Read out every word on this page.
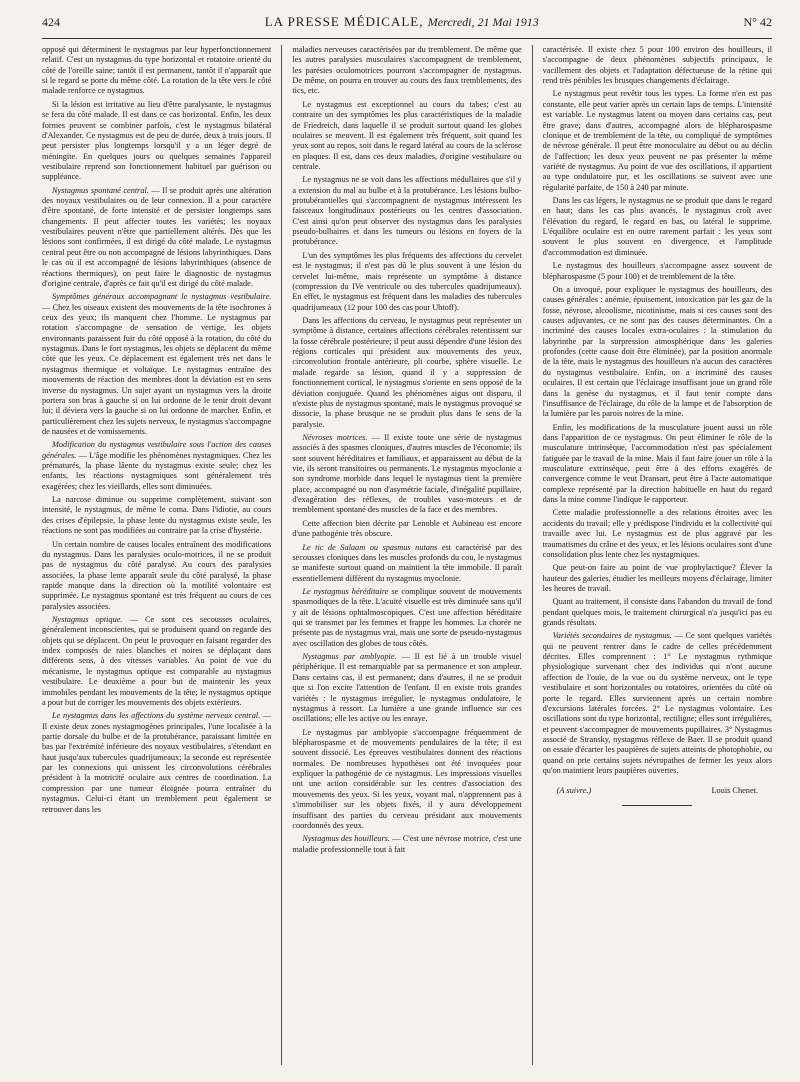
424	LA PRESSE MÉDICALE, Mercredi, 21 Mai 1913	N° 42

opposé qui déterminent le nystagmus par leur hyperfonctionnement relatif. C'est un nystagmus du type horizontal et rotatoire orienté du côté de l'oreille saine; tantôt il est permanent, tantôt il n'apparaît que si le regard se porte du même côté. La rotation de la tête vers le côté malade renforce ce nystagmus.

Si la lésion est irritative au lieu d'être paralysante, le nystagmus se fera du côté malade. Il est dans ce cas horizontal. Enfin, les deux formes peuvent se combiner parfois, c'est le nystagmus bilatéral d'Alexander. Ce nystagmus est de peu de durée, deux à trois jours. Il peut persister plus longtemps lorsqu'il y a un léger degré de méningite. En quelques jours ou quelques semaines l'appareil vestibulaire reprend son fonctionnement habituel par guérison ou suppléance.

Nystagmus spontané central. — Il se produit après une altération des noyaux vestibulaires ou de leur connexion. Il a pour caractère d'être spontané, de forte intensité et de persister longtemps sans changements. Il peut affecter toutes les variétés; les noyaux vestibulaires peuvent n'être que partiellement altérés. Dès que les lésions sont confirmées, il est dirigé du côté malade. Le nystagmus central peut être ou non accompagné de lésions labyrinthiques. Dans le cas où il est accompagné de lésions labyrinthiques (absence de réactions thermiques), on peut faire le diagnostic de nystagmus d'origine centrale, d'après ce fait qu'il est dirigé du côté malade.

Symptômes généraux accompagnant le nystagmus vestibulaire. — Chez les oiseaux existent des mouvements de la tête isochrones à ceux des yeux; ils manquent chez l'homme. Le nystagmus par rotation s'accompagne de sensation de vertige, les objets environnants paraissent fuir du côté opposé à la rotation, du côté du nystagmus. Dans le fort nystagmus, les objets se déplacent du même côté que les yeux. Ce déplacement est également très net dans le nystagmus thermique et voltaïque. Le nystagmus entraîne des mouvements de réaction des membres dont la déviation est en sens inverse du nystagmus. Un sujet ayant un nystagmus vers la droite portera son bras à gauche si on lui ordonne de le tenir droit devant lui; il déviera vers la gauche si on lui ordonne de marcher. Enfin, et particulièrement chez les sujets nerveux, le nystagmus s'accompagne de nausées et de vomissements.

Modification du nystagmus vestibulaire sous l'action des causes générales. — L'âge modifie les phénomènes nystagmiques. Chez les prématurés, la phase lâente du nystagmus existe seule; chez les enfants, les réactions nystagmiques sont généralement très exagérées; chez les vieillards, elles sont diminuées.

La narcose diminue ou supprime complètement, suivant son intensité, le nystagmus, de même le coma. Dans l'idiotie, au cours des crises d'épilepsie, la phase lente du nystagmus existe seule, les réactions ne sont pas modifiées au contraire par la crise d'hystérie.

Un certain nombre de causes locales entraînent des modifications du nystagmus. Dans les paralysies oculo-motrices, il ne se produit pas de nystagmus du côté paralysé. Au cours des paralysies associées, la phase lente apparaît seule du côté paralysé, la phase rapide manque dans la direction où la motilité volontaire est supprimée. Le nystagmus spontané est très fréquent au cours de ces paralysies associées.

Nystagmus optique. — Ce sont ces secousses oculaires, généralement inconscientes, qui se produisent quand on regarde des objets qui se déplacent. On peut le provoquer en faisant regarder des index composés de raies blanches et noires se déplaçant dans différents sens, à des vitesses variables. Au point de vue du mécanisme, le nystagmus optique est comparable au nystagmus vestibulaire. Le deuxième a pour but de maintenir les yeux immobiles pendant les mouvements de la tête; le nystagmus optique a pour but de corriger les mouvements des objets extérieurs.

Le nystagmus dans les affections du système nerveux central. — Il existe deux zones nystagmogènes principales, l'une localisée à la partie dorsale du bulbe et de la protubérance, paraissant limitée en bas par l'extrémité inférieure des noyaux vestibulaires, s'étendant en haut jusqu'aux tubercules quadrijumeaux; la seconde est représentée par les connexions qui unissent les circonvolutions cérébrales président à la motricité oculaire aux centres de coordination. La compression par une tumeur éloignée pourra entraîner du nystagmus. Celui-ci étant un tremblement peut également se retrouver dans les

maladies nerveuses caractérisées par du tremblement. De même que les autres paralysies musculaires s'accompagnent de tremblement, les parésies oculomotrices pourront s'accompagner de nystagmus. De même, on pourra en trouver au cours des faux tremblements, des tics, etc.

Le nystagmus est exceptionnel au cours du tabes; c'est au contraire un des symptômes les plus caractéristiques de la maladie de Friedreich, dans laquelle il se produit surtout quand les globes oculaires se meuvent. Il est également très fréquent, soit quand les yeux sont au repos, soit dans le regard latéral au cours de la sclérose en plaques. Il est, dans ces deux maladies, d'origine vestibulaire ou centrale.

Le nystagmus ne se voit dans les affections médullaires que s'il y a extension du mal au bulbe et à la protubérance. Les lésions bulbo-protubérantielles qui s'accompagnent de nystagmus intéressent les faisceaux longitudinaux postérieurs ou les centres d'association. C'est ainsi qu'on peut observer des nystagmus dans les paralysies pseudo-bulbaires et dans les tumeurs ou lésions en foyers de la protubérance.

L'un des symptômes les plus fréquents des affections du cervelet est le nystagmus; il n'est pas dû le plus souvent à une lésion du cervelet lui-même, mais représente un symptôme à distance (compression du IVe ventricule ou des tubercules quadrijumeaux). En effet, le nystagmus est fréquent dans les maladies des tubercules quadrijumeaux (12 pour 100 des cas pour Uhtoff).

Dans les affections du cerveau, le nystagmus peut représenter un symptôme à distance, certaines affections cérébrales retentissent sur la fosse cérébrale postérieure; il peut aussi dépendre d'une lésion des régions corticales qui président aux mouvements des yeux, circonvolution frontale antérieure, pli courbe, sphère visuelle. Le malade regarde sa lésion, quand il y a suppression de fonctionnement cortical, le nystagmus s'oriente en sens opposé de la déviation conjuguée. Quand les phénomènes aigus ont disparu, il n'existe plus de nystagmus spontané, mais le nystagmus provoqué se dissocie, la phase brusque ne se produit plus dans le sens de la paralysie.

Névroses motrices. — Il existe toute une série de nystagmus associés à des spasmes cloniques, d'autres muscles de l'économie; ils sont souvent héréditaires et familiaux, et apparaissent au début de la vie, ils seront transitoires ou permanents. Le nystagmus myoclonie a son syndrome morbide dans lequel le nystagmus tient la première place, accompagné ou non d'asymétrie faciale, d'inégalité pupillaire, d'exagération des réflexes, de troubles vaso-moteurs et de tremblement spontané des muscles de la face et des membres.

Cette affection bien décrite par Lenoble et Aubineau est encore d'une pathogénie très obscure.

Le tic de Salaam ou spasmus nutans est caractérisé par des secousses cloniques dans les muscles profonds du cou, le nystagmus se manifeste surtout quand on maintient la tête immobile. Il paraît essentiellement différent du nystagmus myoclonie.

Le nystagmus héréditaire se complique souvent de mouvements spasmodiques de la tête. L'acuité visuelle est très diminuée sans qu'il y ait de lésions ophtalmoscopiques. C'est une affection héréditaire qui se transmet par les femmes et frappe les hommes. La chorée ne présente pas de nystagmus vrai, mais une sorte de pseudo-nystagmus avec oscillation des globes de tous côtés.

Nystagmus par amblyopie. — Il est lié à un trouble visuel périphérique. Il est remarquable par sa permanence et son ampleur. Dans certains cas, il est permanent; dans d'autres, il ne se produit que si l'on excite l'attention de l'enfant. Il en existe trois grandes variétés : le nystagmus irrégulier, le nystagmus ondulatoire, le nystagmus à ressort. La lumière a une grande influence sur ces oscillations; elle les active ou les enraye.

Le nystagmus par amblyopie s'accompagne fréquemment de blépharospasme et de mouvements pendulaires de la tête; il est souvent dissocié. Les épreuves vestibulaires donnent des réactions normales. De nombreuses hypothèses ont été invoquées pour expliquer la pathogénie de ce nystagmus. Les impressions visuelles ont une action considérable sur les centres d'association des mouvements des yeux. Si les yeux, voyant mal, n'apprennent pas à s'immobiliser sur les objets fixés, il y aura développement insuffisant des parties du cerveau présidant aux mouvements coordonnés des yeux.

Nystagmus des houilleurs. — C'est une névrose motrice, c'est une maladie professionnelle tout à fait

caractérisée. Il existe chez 5 pour 100 environ des houilleurs, il s'accompagne de deux phénomènes subjectifs principaux, le vacillement des objets et l'adaptation défectueuse de la rétine qui rend très pénibles les brusques changements d'éclairage.

Le nystagmus peut revêtir tous les types. La forme n'en est pas constante, elle peut varier après un certain laps de temps. L'intensité est variable. Le nystagmus latent ou moyen dans certains cas, peut être grave; dans d'autres, accompagné alors de blépharospasme clonique et de tremblement de la tête, ou compliqué de symptômes de névrose générale. Il peut être monoculaire au début ou au déclin de l'affection; les deux yeux peuvent ne pas présenter la même variété de nystagmus. Au point de vue des oscillations, il appartient au type ondulatoire pur, et les oscillations se suivent avec une régularité parfaite, de 150 à 240 par minute.

Dans les cas légers, le nystagmus ne se produit que dans le regard en haut; dans les cas plus avancés, le nystagmus croît avec l'élévation du regard, le regard en bas, ou latéral le supprime. L'équilibre oculaire est en outre rarement parfait : les yeux sont souvent le plus souvent en divergence, et l'amplitude d'accommodation est diminuée.

Le nystagmus des houilleurs s'accompagne assez souvent de blépharospasme (5 pour 100) et de tremblement de la tête.

On a invoqué, pour expliquer le nystagmus des houilleurs, des causes générales : anémie, épuisement, intoxication par les gaz de la fosse, névrose, alcoolisme, nicotinisme, mais si ces causes sont des causes adjuvantes, ce ne sont pas des causes déterminantes. On a incriminé des causes locales extra-oculaires : la stimulation du labyrinthe par la surpression atmosphérique dans les galeries profondes (cette cause doit être éliminée), par la position anormale de la tête, mais le nystagmus des houilleurs n'a aucun des caractères du nystagmus vestibulaire. Enfin, on a incriminé des causes oculaires. Il est certain que l'éclairage insuffisant joue un grand rôle dans la genèse du nystagmus, et il faut tenir compte dans l'insuffisance de l'éclairage, du rôle de la lampe et de l'absorption de la lumière par les parois noires de la mine.

Enfin, les modifications de la musculature jouent aussi un rôle dans l'apparition de ce nystagmus. On peut éliminer le rôle de la musculature intrinsèque, l'accommodation n'est pas spécialement fatiguée par le travail de la mine. Mais il faut faire jouer un rôle à la musculature extrinsèque, peut être à des efforts exagérés de convergence comme le veut Dransart, peut être à l'acte automatique complexe représenté par la direction habituelle en haut du regard dans la mine comme l'indique le rapporteur.

Cette maladie professionnelle a des relations étroites avec les accidents du travail; elle y prédispose l'individu et la collectivité qui travaille avec lui. Le nystagmus est de plus aggravé par les traumatismes du crâne et des yeux, et les lésions oculaires sont d'une consolidation plus lente chez les nystagmiques.

Que peut-on faire au point de vue prophylactique? Élever la hauteur des galeries, étudier les meilleurs moyens d'éclairage, limiter les heures de travail.

Quant au traitement, il consiste dans l'abandon du travail de fond pendant quelques mois, le traitement chirurgical n'a jusqu'ici pas eu grands résultats.

Variétés secondaires de nystagmus. — Ce sont quelques variétés qui ne peuvent rentrer dans le cadre de celles précédemment décrites. Elles comprennent : 1° Le nystagmus rythmique physiologique survenant chez des individus qui n'ont aucune affection de l'ouïe, de la vue ou du système nerveux, ont le type vestibulaire et sont horizontales ou rotatoires, orientées du côté où porte le regard. Elles surviennent après un certain nombre d'excursions latérales forcées. 2° Le nystagmus volontaire. Les oscillations sont du type horizontal, rectiligne; elles sont irrégulières, et peuvent s'accompagner de mouvements pupillaires. 3° Nystagmus associé de Stransky, nystagmus réflexe de Baer. Il se produit quand on essaie d'écarter les paupières de sujets atteints de photophobie, ou quand on prie certains sujets névropathes de fermer les yeux alors qu'on maintient leurs paupières ouvertes.

(A suivre.)	Louis Chenet.
